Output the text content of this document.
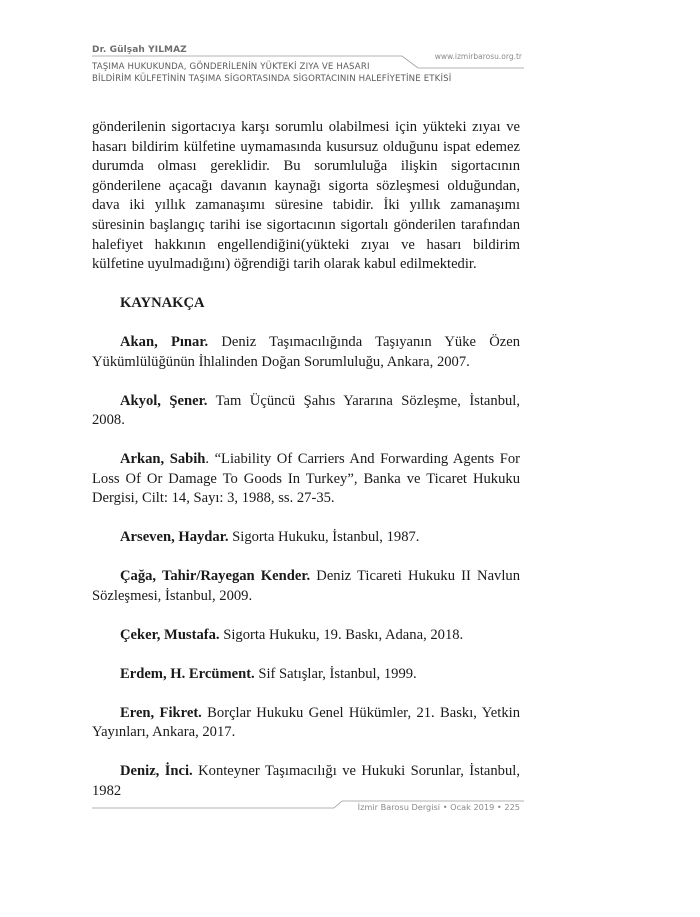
Dr. Gülşah YILMAZ
www.izmirbarosu.org.tr
TAŞIMA HUKUKUNDA, GÖNDERİLENİN YÜKTEKİ ZIYA VE HASARI
BİLDİRİM KÜLFETİNİN TAŞIMA SİGORTASINDA SİGORTACININ HALEFİYETİNE ETKİSİ

gönderilenin sigortacıya karşı sorumlu olabilmesi için yükteki zıyaı ve hasarı bildirim külfetine uymamasında kusursuz olduğunu ispat edemez durumda olması gereklidir. Bu sorumluluğa ilişkin sigortacının gönderilene açacağı davanın kaynağı sigorta sözleşmesi olduğundan, dava iki yıllık zamanaşımı süresine tabidir. İki yıllık zamanaşımı süresinin başlangıç tarihi ise sigortacının sigortalı gönderilen tarafından halefiyet hakkının engellendiğini(yükteki zıyaı ve hasarı bildirim külfetine uyulmadığını) öğrendiği tarih olarak kabul edilmektedir.

KAYNAKÇA

Akan, Pınar. Deniz Taşımacılığında Taşıyanın Yüke Özen Yükümlülüğünün İhlalinden Doğan Sorumluluğu, Ankara, 2007.

Akyol, Şener. Tam Üçüncü Şahıs Yararına Sözleşme, İstanbul, 2008.

Arkan, Sabih. “Liability Of Carriers And Forwarding Agents For Loss Of Or Damage To Goods In Turkey”, Banka ve Ticaret Hukuku Dergisi, Cilt: 14, Sayı: 3, 1988, ss. 27-35.

Arseven, Haydar. Sigorta Hukuku, İstanbul, 1987.

Çağa, Tahir/Rayegan Kender. Deniz Ticareti Hukuku II Navlun Sözleşmesi, İstanbul, 2009.

Çeker, Mustafa. Sigorta Hukuku, 19. Baskı, Adana, 2018.

Erdem, H. Ercüment. Sif Satışlar, İstanbul, 1999.

Eren, Fikret. Borçlar Hukuku Genel Hükümler, 21. Baskı, Yetkin Yayınları, Ankara, 2017.

Deniz, İnci. Konteyner Taşımacılığı ve Hukuki Sorunlar, İstanbul, 1982

İzmir Barosu Dergisi • Ocak 2019 • 225
